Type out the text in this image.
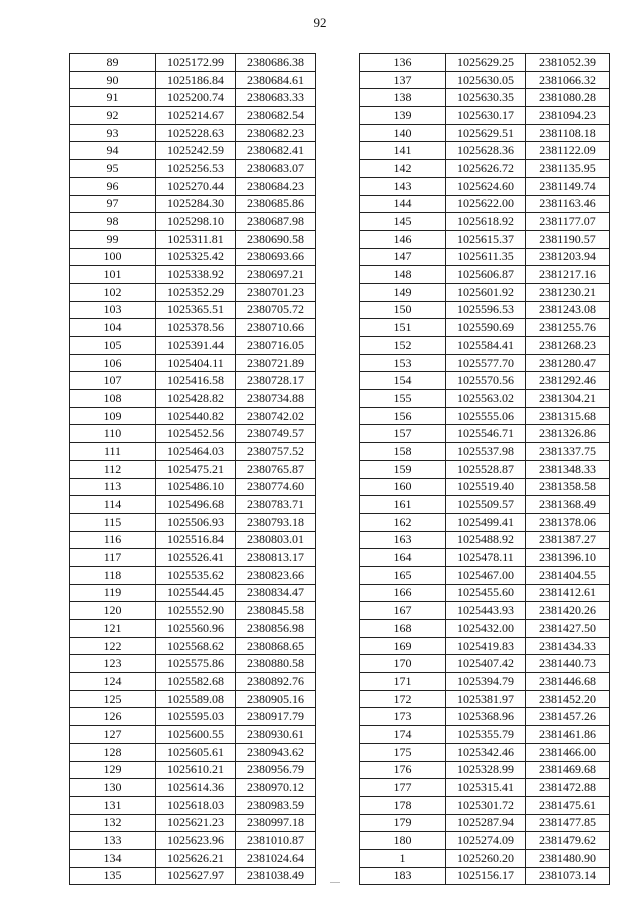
92
89	1025172.99	2380686.38
90	1025186.84	2380684.61
91	1025200.74	2380683.33
92	1025214.67	2380682.54
93	1025228.63	2380682.23
94	1025242.59	2380682.41
95	1025256.53	2380683.07
96	1025270.44	2380684.23
97	1025284.30	2380685.86
98	1025298.10	2380687.98
99	1025311.81	2380690.58
100	1025325.42	2380693.66
101	1025338.92	2380697.21
102	1025352.29	2380701.23
103	1025365.51	2380705.72
104	1025378.56	2380710.66
105	1025391.44	2380716.05
106	1025404.11	2380721.89
107	1025416.58	2380728.17
108	1025428.82	2380734.88
109	1025440.82	2380742.02
110	1025452.56	2380749.57
111	1025464.03	2380757.52
112	1025475.21	2380765.87
113	1025486.10	2380774.60
114	1025496.68	2380783.71
115	1025506.93	2380793.18
116	1025516.84	2380803.01
117	1025526.41	2380813.17
118	1025535.62	2380823.66
119	1025544.45	2380834.47
120	1025552.90	2380845.58
121	1025560.96	2380856.98
122	1025568.62	2380868.65
123	1025575.86	2380880.58
124	1025582.68	2380892.76
125	1025589.08	2380905.16
126	1025595.03	2380917.79
127	1025600.55	2380930.61
128	1025605.61	2380943.62
129	1025610.21	2380956.79
130	1025614.36	2380970.12
131	1025618.03	2380983.59
132	1025621.23	2380997.18
133	1025623.96	2381010.87
134	1025626.21	2381024.64
135	1025627.97	2381038.49
136	1025629.25	2381052.39
137	1025630.05	2381066.32
138	1025630.35	2381080.28
139	1025630.17	2381094.23
140	1025629.51	2381108.18
141	1025628.36	2381122.09
142	1025626.72	2381135.95
143	1025624.60	2381149.74
144	1025622.00	2381163.46
145	1025618.92	2381177.07
146	1025615.37	2381190.57
147	1025611.35	2381203.94
148	1025606.87	2381217.16
149	1025601.92	2381230.21
150	1025596.53	2381243.08
151	1025590.69	2381255.76
152	1025584.41	2381268.23
153	1025577.70	2381280.47
154	1025570.56	2381292.46
155	1025563.02	2381304.21
156	1025555.06	2381315.68
157	1025546.71	2381326.86
158	1025537.98	2381337.75
159	1025528.87	2381348.33
160	1025519.40	2381358.58
161	1025509.57	2381368.49
162	1025499.41	2381378.06
163	1025488.92	2381387.27
164	1025478.11	2381396.10
165	1025467.00	2381404.55
166	1025455.60	2381412.61
167	1025443.93	2381420.26
168	1025432.00	2381427.50
169	1025419.83	2381434.33
170	1025407.42	2381440.73
171	1025394.79	2381446.68
172	1025381.97	2381452.20
173	1025368.96	2381457.26
174	1025355.79	2381461.86
175	1025342.46	2381466.00
176	1025328.99	2381469.68
177	1025315.41	2381472.88
178	1025301.72	2381475.61
179	1025287.94	2381477.85
180	1025274.09	2381479.62
1	1025260.20	2381480.90
183	1025156.17	2381073.14
